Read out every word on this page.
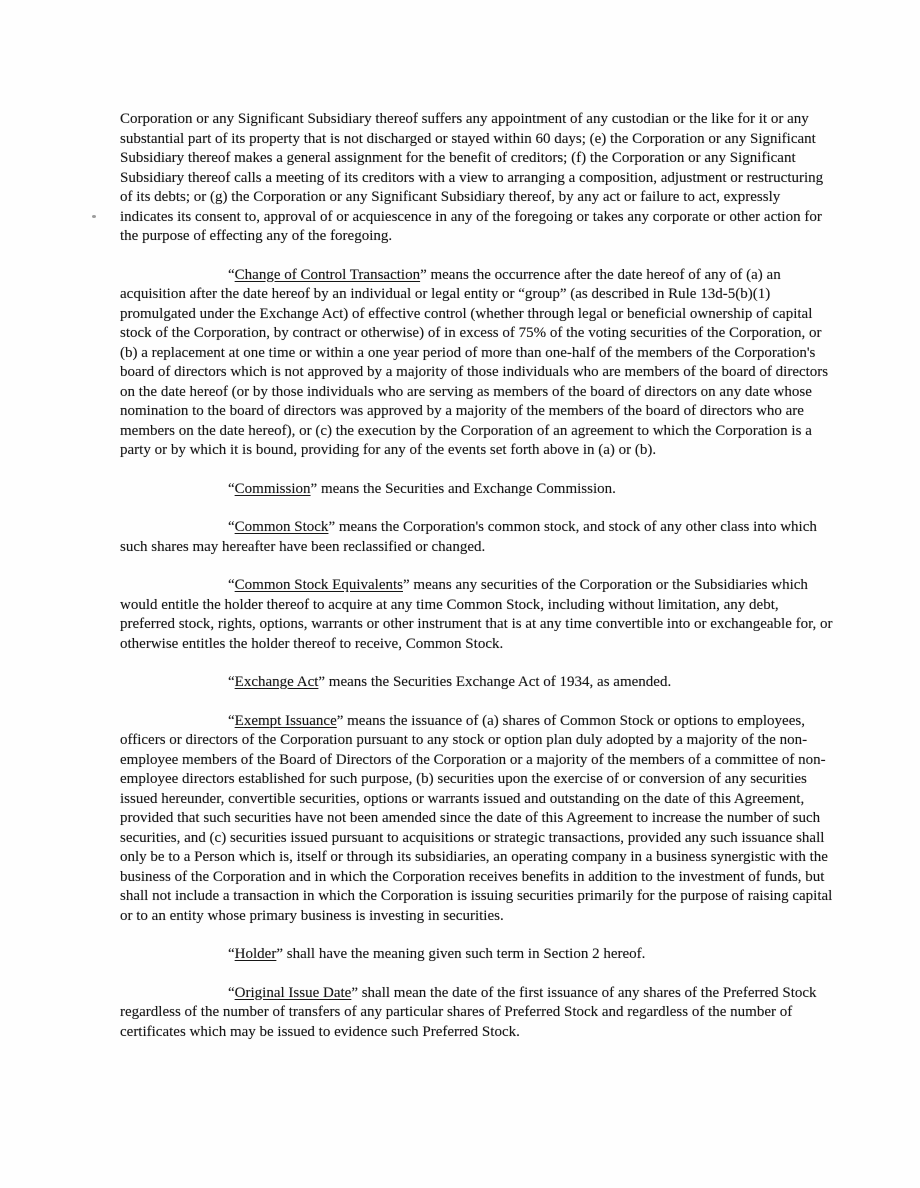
Corporation or any Significant Subsidiary thereof suffers any appointment of any custodian or the like for it or any substantial part of its property that is not discharged or stayed within 60 days; (e) the Corporation or any Significant Subsidiary thereof makes a general assignment for the benefit of creditors; (f) the Corporation or any Significant Subsidiary thereof calls a meeting of its creditors with a view to arranging a composition, adjustment or restructuring of its debts; or (g) the Corporation or any Significant Subsidiary thereof, by any act or failure to act, expressly indicates its consent to, approval of or acquiescence in any of the foregoing or takes any corporate or other action for the purpose of effecting any of the foregoing.

“Change of Control Transaction” means the occurrence after the date hereof of any of (a) an acquisition after the date hereof by an individual or legal entity or “group” (as described in Rule 13d-5(b)(1) promulgated under the Exchange Act) of effective control (whether through legal or beneficial ownership of capital stock of the Corporation, by contract or otherwise) of in excess of 75% of the voting securities of the Corporation, or (b) a replacement at one time or within a one year period of more than one-half of the members of the Corporation's board of directors which is not approved by a majority of those individuals who are members of the board of directors on the date hereof (or by those individuals who are serving as members of the board of directors on any date whose nomination to the board of directors was approved by a majority of the members of the board of directors who are members on the date hereof), or (c) the execution by the Corporation of an agreement to which the Corporation is a party or by which it is bound, providing for any of the events set forth above in (a) or (b).

“Commission” means the Securities and Exchange Commission.

“Common Stock” means the Corporation's common stock, and stock of any other class into which such shares may hereafter have been reclassified or changed.

“Common Stock Equivalents” means any securities of the Corporation or the Subsidiaries which would entitle the holder thereof to acquire at any time Common Stock, including without limitation, any debt, preferred stock, rights, options, warrants or other instrument that is at any time convertible into or exchangeable for, or otherwise entitles the holder thereof to receive, Common Stock.

“Exchange Act” means the Securities Exchange Act of 1934, as amended.

“Exempt Issuance” means the issuance of (a) shares of Common Stock or options to employees, officers or directors of the Corporation pursuant to any stock or option plan duly adopted by a majority of the non-employee members of the Board of Directors of the Corporation or a majority of the members of a committee of non-employee directors established for such purpose, (b) securities upon the exercise of or conversion of any securities issued hereunder, convertible securities, options or warrants issued and outstanding on the date of this Agreement, provided that such securities have not been amended since the date of this Agreement to increase the number of such securities, and (c) securities issued pursuant to acquisitions or strategic transactions, provided any such issuance shall only be to a Person which is, itself or through its subsidiaries, an operating company in a business synergistic with the business of the Corporation and in which the Corporation receives benefits in addition to the investment of funds, but shall not include a transaction in which the Corporation is issuing securities primarily for the purpose of raising capital or to an entity whose primary business is investing in securities.

“Holder” shall have the meaning given such term in Section 2 hereof.

“Original Issue Date” shall mean the date of the first issuance of any shares of the Preferred Stock regardless of the number of transfers of any particular shares of Preferred Stock and regardless of the number of certificates which may be issued to evidence such Preferred Stock.
